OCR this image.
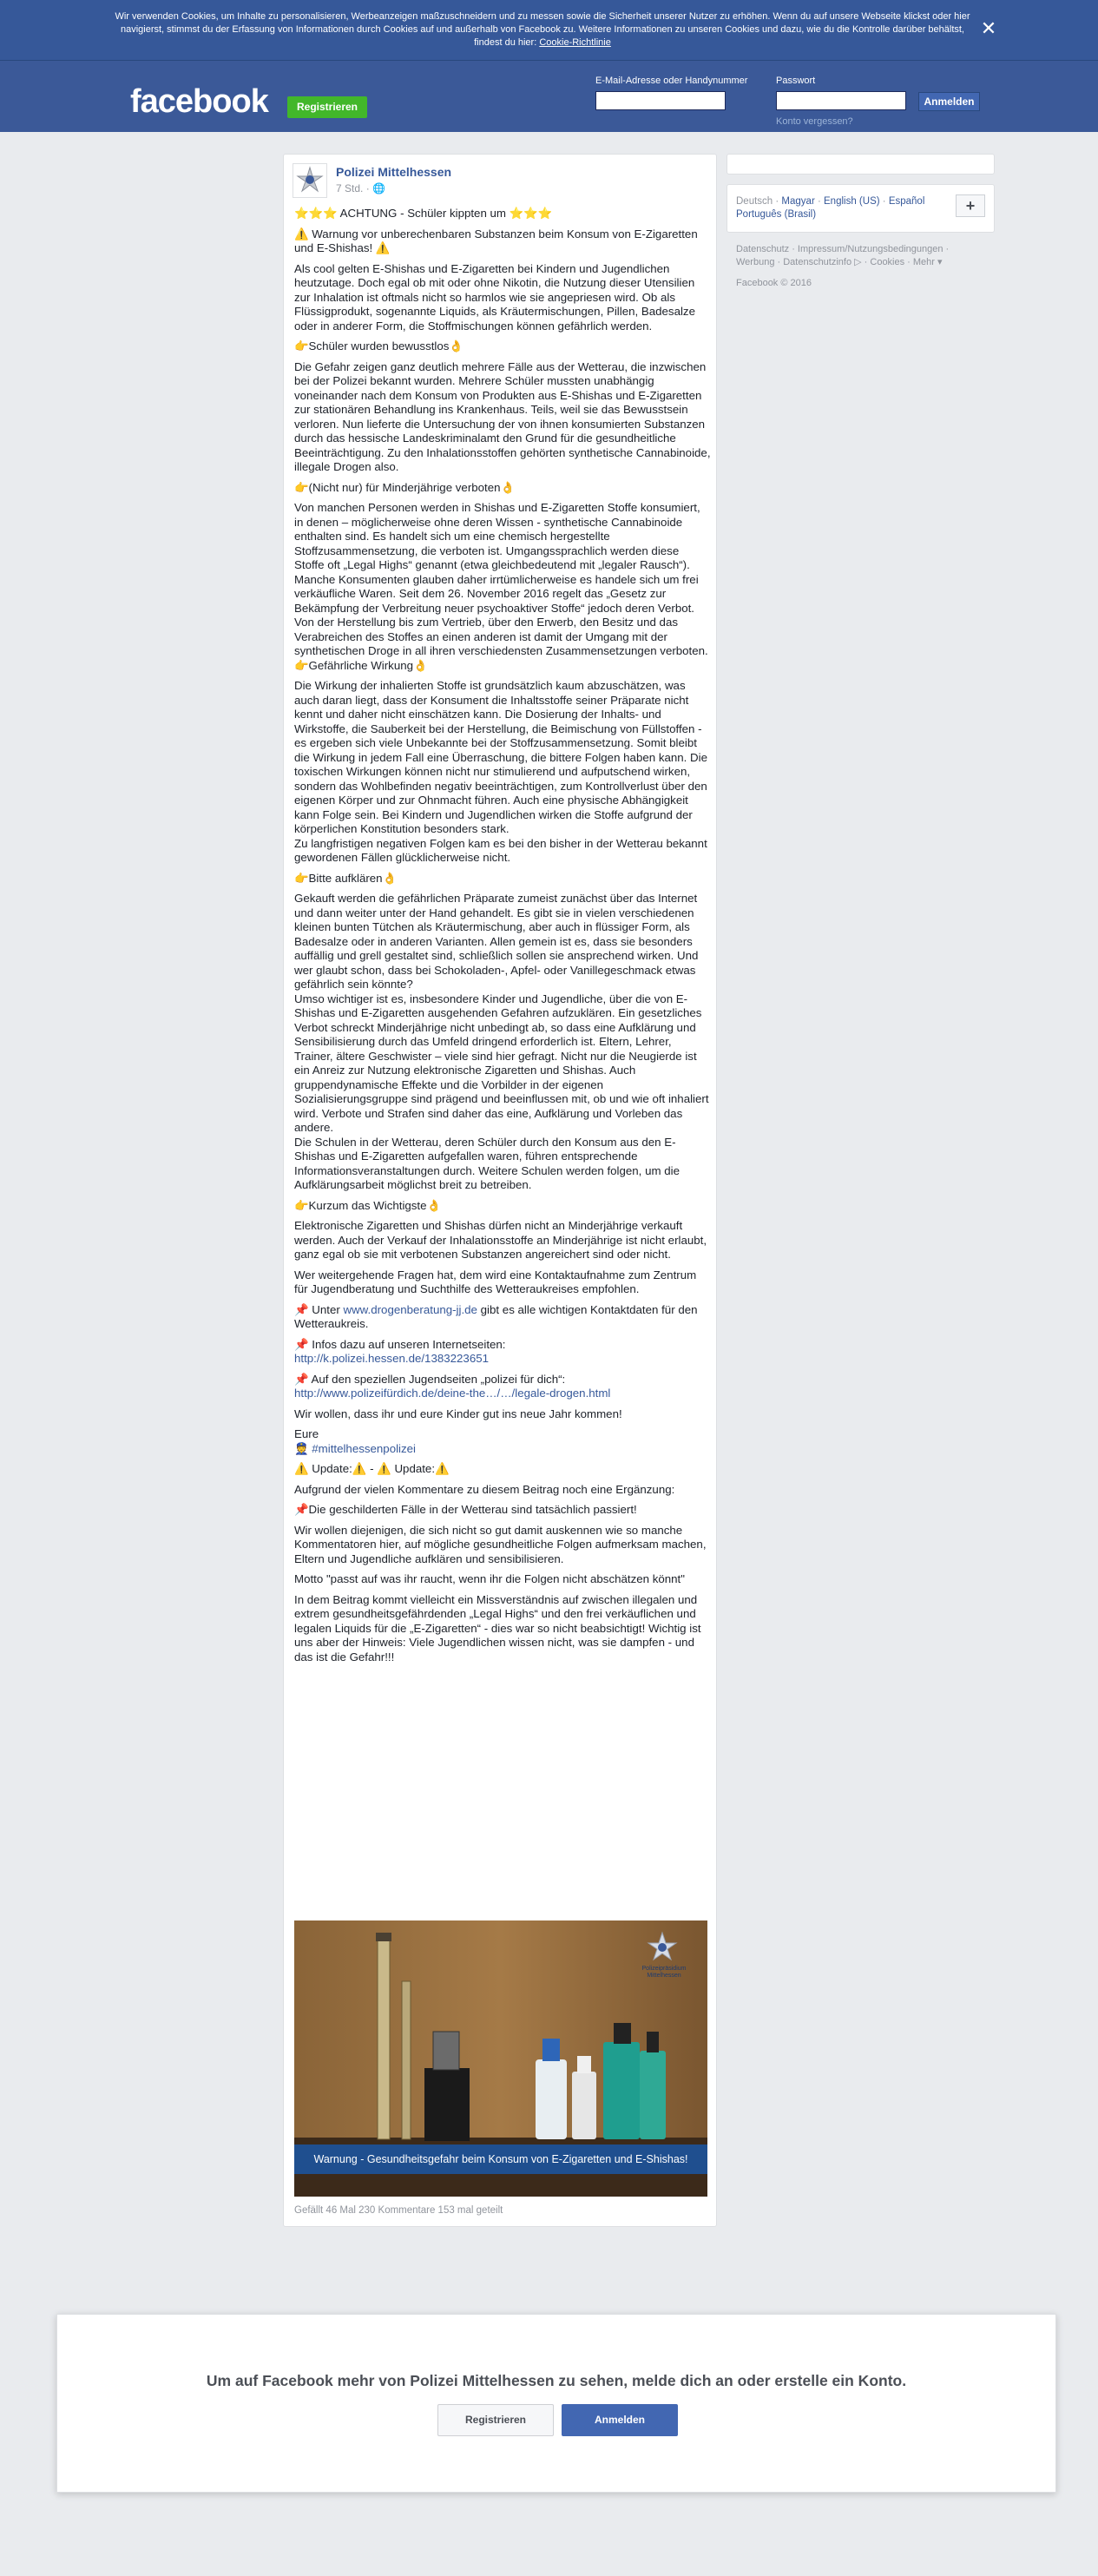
Wir verwenden Cookies, um Inhalte zu personalisieren, Werbeanzeigen maßzuschneidern und zu messen sowie die Sicherheit unserer Nutzer zu erhöhen. Wenn du auf unsere Webseite klickst oder hier navigierst, stimmst du der Erfassung von Informationen durch Cookies auf und außerhalb von Facebook zu. Weitere Informationen zu unseren Cookies und dazu, wie du die Kontrolle darüber behältst, findest du hier: Cookie-Richtlinie
✕
facebook	Registrieren
E-Mail-Adresse oder Handynummer	Passwort
Anmelden
Konto vergessen?
Polizei Mittelhessen
7 Std. · 🌐

⭐⭐⭐ ACHTUNG - Schüler kippten um ⭐⭐⭐

⚠️ Warnung vor unberechenbaren Substanzen beim Konsum von E-Zigaretten und E-Shishas! ⚠️

Als cool gelten E-Shishas und E-Zigaretten bei Kindern und Jugendlichen heutzutage. Doch egal ob mit oder ohne Nikotin, die Nutzung dieser Utensilien zur Inhalation ist oftmals nicht so harmlos wie sie angepriesen wird. Ob als Flüssigprodukt, sogenannte Liquids, als Kräutermischungen, Pillen, Badesalze oder in anderer Form, die Stoffmischungen können gefährlich werden.

👉Schüler wurden bewusstlos👌

Die Gefahr zeigen ganz deutlich mehrere Fälle aus der Wetterau, die inzwischen bei der Polizei bekannt wurden. Mehrere Schüler mussten unabhängig voneinander nach dem Konsum von Produkten aus E-Shishas und E-Zigaretten zur stationären Behandlung ins Krankenhaus. Teils, weil sie das Bewusstsein verloren. Nun lieferte die Untersuchung der von ihnen konsumierten Substanzen durch das hessische Landeskriminalamt den Grund für die gesundheitliche Beeinträchtigung. Zu den Inhalationsstoffen gehörten synthetische Cannabinoide, illegale Drogen also.

👉(Nicht nur) für Minderjährige verboten👌

Von manchen Personen werden in Shishas und E-Zigaretten Stoffe konsumiert, in denen – möglicherweise ohne deren Wissen - synthetische Cannabinoide enthalten sind. Es handelt sich um eine chemisch hergestellte Stoffzusammensetzung, die verboten ist. Umgangssprachlich werden diese Stoffe oft „Legal Highs“ genannt (etwa gleichbedeutend mit „legaler Rausch“). Manche Konsumenten glauben daher irrtümlicherweise es handele sich um frei verkäufliche Waren. Seit dem 26. November 2016 regelt das „Gesetz zur Bekämpfung der Verbreitung neuer psychoaktiver Stoffe“ jedoch deren Verbot. Von der Herstellung bis zum Vertrieb, über den Erwerb, den Besitz und das Verabreichen des Stoffes an einen anderen ist damit der Umgang mit der synthetischen Droge in all ihren verschiedensten Zusammensetzungen verboten.

👉Gefährliche Wirkung👌

Die Wirkung der inhalierten Stoffe ist grundsätzlich kaum abzuschätzen, was auch daran liegt, dass der Konsument die Inhaltsstoffe seiner Präparate nicht kennt und daher nicht einschätzen kann. Die Dosierung der Inhalts- und Wirkstoffe, die Sauberkeit bei der Herstellung, die Beimischung von Füllstoffen - es ergeben sich viele Unbekannte bei der Stoffzusammensetzung. Somit bleibt die Wirkung in jedem Fall eine Überraschung, die bittere Folgen haben kann. Die toxischen Wirkungen können nicht nur stimulierend und aufputschend wirken, sondern das Wohlbefinden negativ beeinträchtigen, zum Kontrollverlust über den eigenen Körper und zur Ohnmacht führen. Auch eine physische Abhängigkeit kann Folge sein. Bei Kindern und Jugendlichen wirken die Stoffe aufgrund der körperlichen Konstitution besonders stark.

Zu langfristigen negativen Folgen kam es bei den bisher in der Wetterau bekannt gewordenen Fällen glücklicherweise nicht.

👉Bitte aufklären👌

Gekauft werden die gefährlichen Präparate zumeist zunächst über das Internet und dann weiter unter der Hand gehandelt. Es gibt sie in vielen verschiedenen kleinen bunten Tütchen als Kräutermischung, aber auch in flüssiger Form, als Badesalze oder in anderen Varianten. Allen gemein ist es, dass sie besonders auffällig und grell gestaltet sind, schließlich sollen sie ansprechend wirken. Und wer glaubt schon, dass bei Schokoladen-, Apfel- oder Vanillegeschmack etwas gefährlich sein könnte?

Umso wichtiger ist es, insbesondere Kinder und Jugendliche, über die von E-Shishas und E-Zigaretten ausgehenden Gefahren aufzuklären. Ein gesetzliches Verbot schreckt Minderjährige nicht unbedingt ab, so dass eine Aufklärung und Sensibilisierung durch das Umfeld dringend erforderlich ist. Eltern, Lehrer, Trainer, ältere Geschwister – viele sind hier gefragt. Nicht nur die Neugierde ist ein Anreiz zur Nutzung elektronische Zigaretten und Shishas. Auch gruppendynamische Effekte und die Vorbilder in der eigenen Sozialisierungsgruppe sind prägend und beeinflussen mit, ob und wie oft inhaliert wird. Verbote und Strafen sind daher das eine, Aufklärung und Vorleben das andere.

Die Schulen in der Wetterau, deren Schüler durch den Konsum aus den E-Shishas und E-Zigaretten aufgefallen waren, führen entsprechende Informationsveranstaltungen durch. Weitere Schulen werden folgen, um die Aufklärungsarbeit möglichst breit zu betreiben.

👉Kurzum das Wichtigste👌

Elektronische Zigaretten und Shishas dürfen nicht an Minderjährige verkauft werden. Auch der Verkauf der Inhalationsstoffe an Minderjährige ist nicht erlaubt, ganz egal ob sie mit verbotenen Substanzen angereichert sind oder nicht.

Wer weitergehende Fragen hat, dem wird eine Kontaktaufnahme zum Zentrum für Jugendberatung und Suchthilfe des Wetteraukreises empfohlen.

📌 Unter www.drogenberatung-jj.de gibt es alle wichtigen Kontaktdaten für den Wetteraukreis.

📌 Infos dazu auf unseren Internetseiten:
http://k.polizei.hessen.de/1383223651

📌 Auf den speziellen Jugendseiten „polizei für dich“:
http://www.polizeifürdich.de/deine-the…/…/legale-drogen.html

Wir wollen, dass ihr und eure Kinder gut ins neue Jahr kommen!

Eure

👮 #mittelhessenpolizei

⚠️ Update:⚠️ - ⚠️ Update:⚠️

Aufgrund der vielen Kommentare zu diesem Beitrag noch eine Ergänzung:

📌Die geschilderten Fälle in der Wetterau sind tatsächlich passiert!

Wir wollen diejenigen, die sich nicht so gut damit auskennen wie so manche Kommentatoren hier, auf mögliche gesundheitliche Folgen aufmerksam machen, Eltern und Jugendliche aufklären und sensibilisieren.

Motto "passt auf was ihr raucht, wenn ihr die Folgen nicht abschätzen könnt"

In dem Beitrag kommt vielleicht ein Missverständnis auf zwischen illegalen und extrem gesundheitsgefährdenden „Legal Highs“ und den frei verkäuflichen und legalen Liquids für die „E-Zigaretten“ - dies war so nicht beabsichtigt! Wichtig ist uns aber der Hinweis: Viele Jugendlichen wissen nicht, was sie dampfen - und das ist die Gefahr!!!

Polizeipräsidium Mittelhessen
Warnung - Gesundheitsgefahr beim Konsum von E-Zigaretten und E-Shishas!
Gefällt 46 Mal 230 Kommentare 153 mal geteilt
Deutsch · Magyar · English (US) · Español
Português (Brasil)	+
Datenschutz · Impressum/Nutzungsbedingungen · Werbung · Datenschutzinfo ▷ · Cookies · Mehr ▾
Facebook © 2016
Um auf Facebook mehr von Polizei Mittelhessen zu sehen, melde dich an oder erstelle ein Konto.
Registrieren	Anmelden
